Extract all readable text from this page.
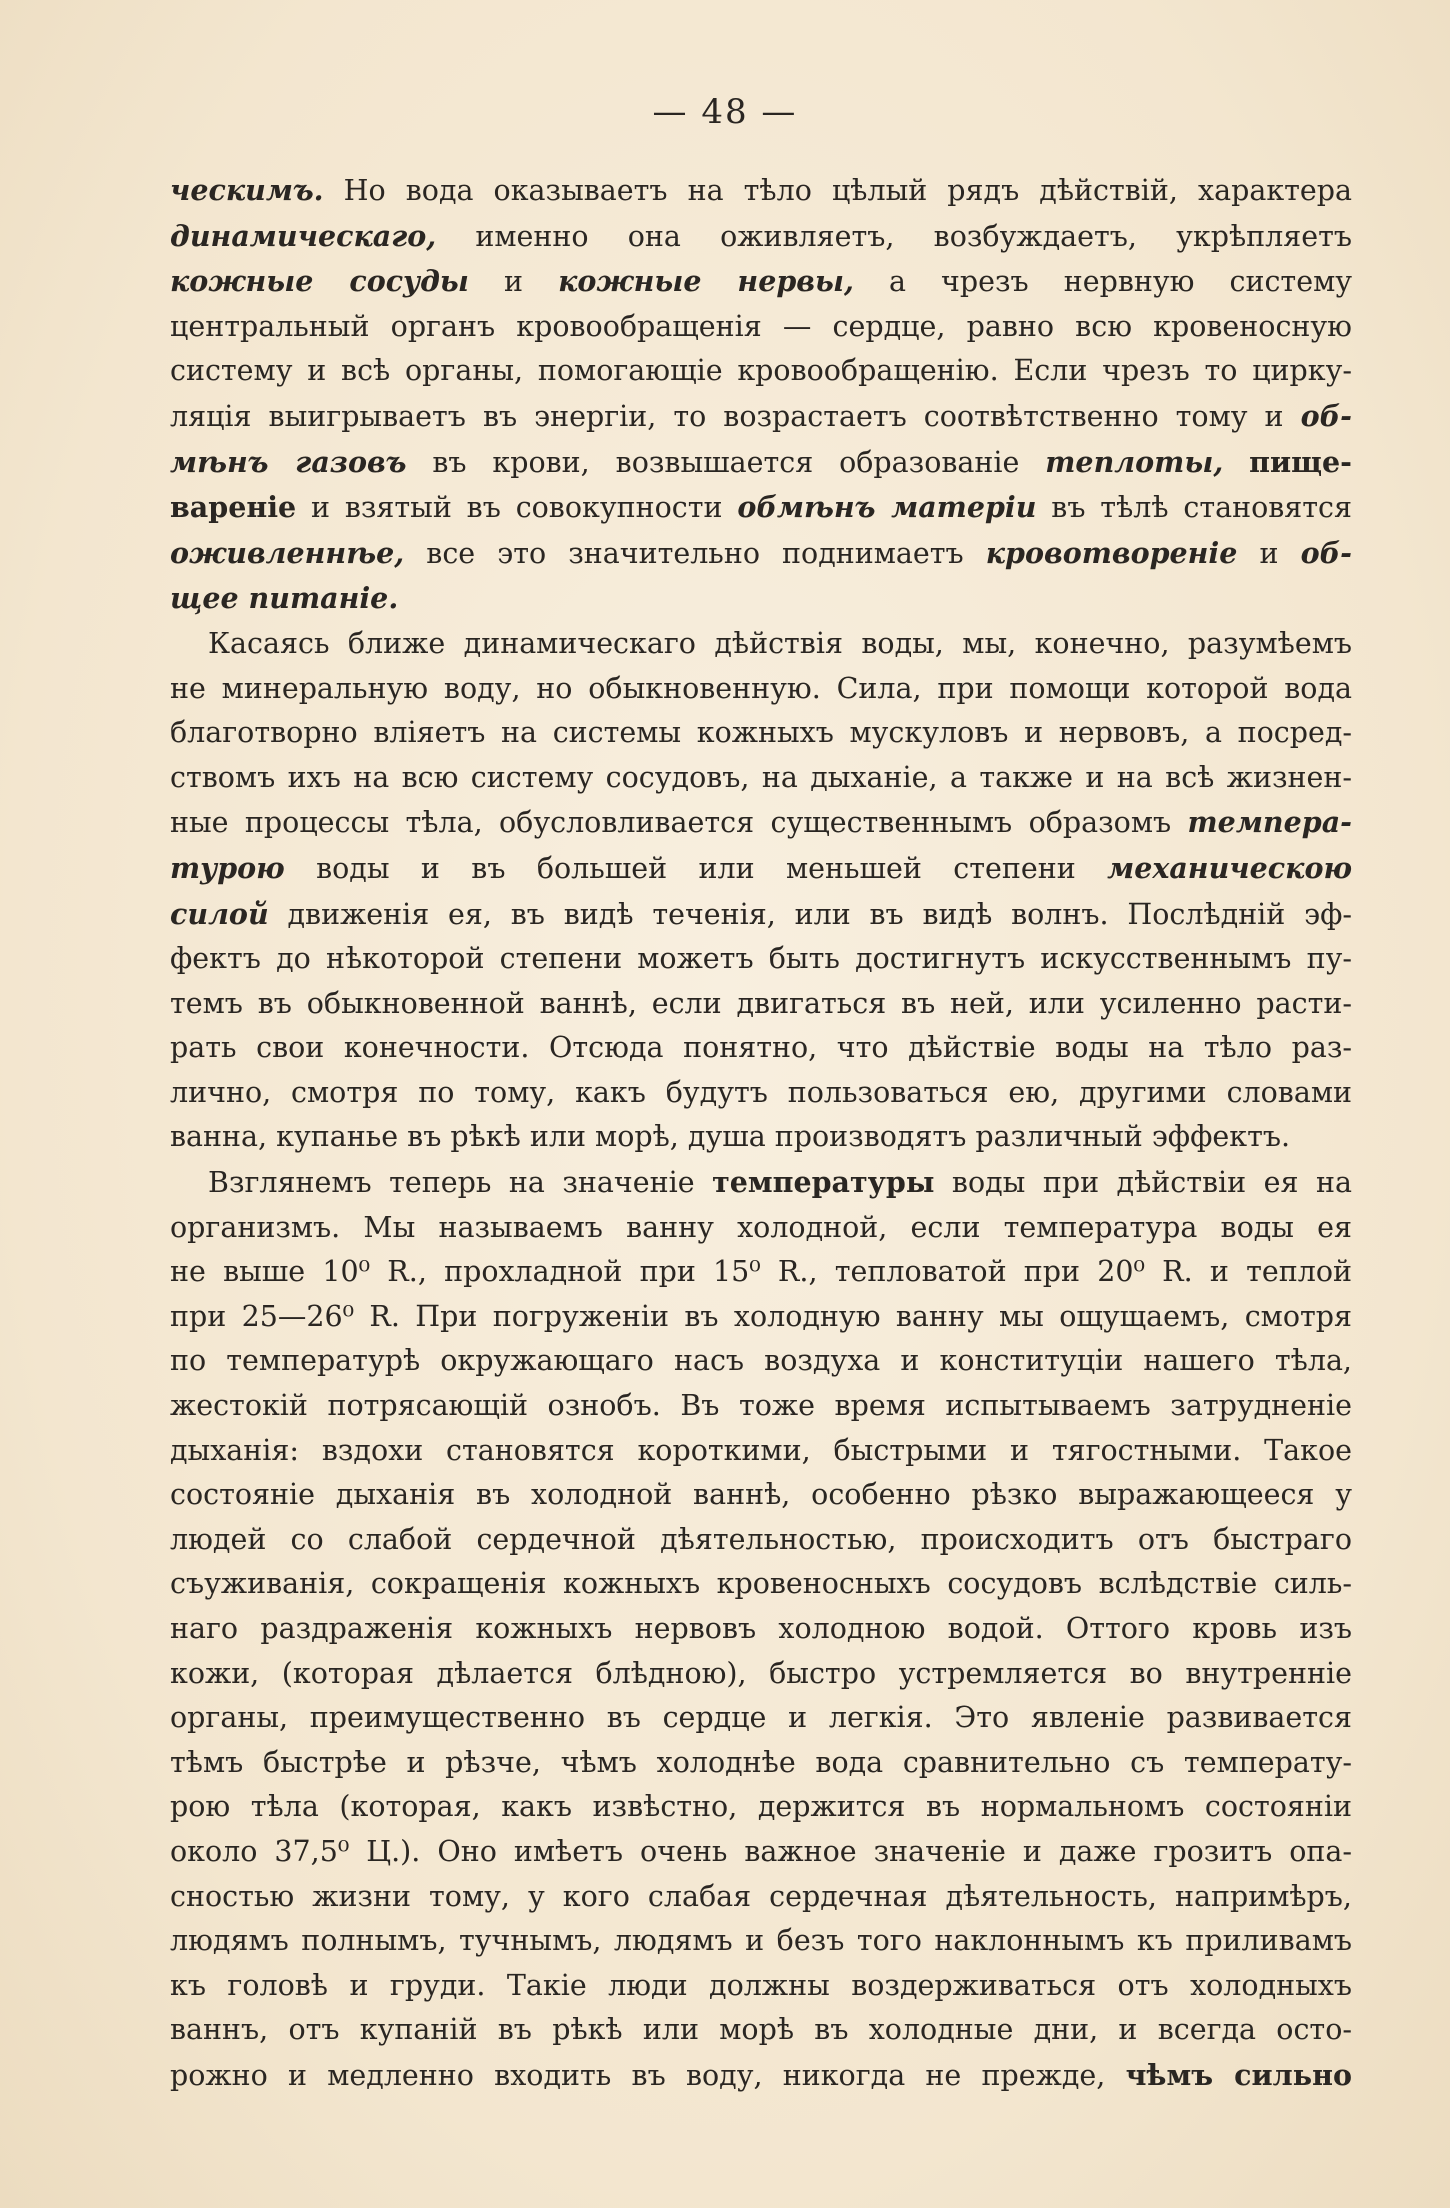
— 48 —
ческимъ. Но вода оказываетъ на тѣло цѣлый рядъ дѣйствій, характера
динамическаго, именно она оживляетъ, возбуждаетъ, укрѣпляетъ
кожные сосуды и кожные нервы, а чрезъ нервную систему
центральный органъ кровообращенія — сердце, равно всю кровеносную
систему и всѣ органы, помогающіе кровообращенію. Если чрезъ то цирку-
ляція выигрываетъ въ энергіи, то возрастаетъ соотвѣтственно тому и об-
мѣнъ газовъ въ крови, возвышается образованіе теплоты, пище-
вареніе и взятый въ совокупности обмѣнъ матеріи въ тѣлѣ становятся
оживленнѣе, все это значительно поднимаетъ кровотвореніе и об-
щее питаніе.
Касаясь ближе динамическаго дѣйствія воды, мы, конечно, разумѣемъ
не минеральную воду, но обыкновенную. Сила, при помощи которой вода
благотворно вліяетъ на системы кожныхъ мускуловъ и нервовъ, а посред-
ствомъ ихъ на всю систему сосудовъ, на дыханіе, а также и на всѣ жизнен-
ные процессы тѣла, обусловливается существеннымъ образомъ темпера-
турою воды и въ большей или меньшей степени механическою
силой движенія ея, въ видѣ теченія, или въ видѣ волнъ. Послѣдній эф-
фектъ до нѣкоторой степени можетъ быть достигнутъ искусственнымъ пу-
темъ въ обыкновенной ваннѣ, если двигаться въ ней, или усиленно расти-
рать свои конечности. Отсюда понятно, что дѣйствіе воды на тѣло раз-
лично, смотря по тому, какъ будутъ пользоваться ею, другими словами
ванна, купанье въ рѣкѣ или морѣ, душа производятъ различный эффектъ.
Взглянемъ теперь на значеніе температуры воды при дѣйствіи ея на
организмъ. Мы называемъ ванну холодной, если температура воды ея
не выше 10⁰ R., прохладной при 15⁰ R., тепловатой при 20⁰ R. и теплой
при 25—26⁰ R. При погруженіи въ холодную ванну мы ощущаемъ, смотря
по температурѣ окружающаго насъ воздуха и конституціи нашего тѣла,
жестокій потрясающій ознобъ. Въ тоже время испытываемъ затрудненіе
дыханія: вздохи становятся короткими, быстрыми и тягостными. Такое
состояніе дыханія въ холодной ваннѣ, особенно рѣзко выражающееся у
людей со слабой сердечной дѣятельностью, происходитъ отъ быстраго
съуживанія, сокращенія кожныхъ кровеносныхъ сосудовъ вслѣдствіе силь-
наго раздраженія кожныхъ нервовъ холодною водой. Оттого кровь изъ
кожи, (которая дѣлается блѣдною), быстро устремляется во внутренніе
органы, преимущественно въ сердце и легкія. Это явленіе развивается
тѣмъ быстрѣе и рѣзче, чѣмъ холоднѣе вода сравнительно съ температу-
рою тѣла (которая, какъ извѣстно, держится въ нормальномъ состояніи
около 37,5⁰ Ц.). Оно имѣетъ очень важное значеніе и даже грозитъ опа-
сностью жизни тому, у кого слабая сердечная дѣятельность, напримѣръ,
людямъ полнымъ, тучнымъ, людямъ и безъ того наклоннымъ къ приливамъ
къ головѣ и груди. Такіе люди должны воздерживаться отъ холодныхъ
ваннъ, отъ купаній въ рѣкѣ или морѣ въ холодные дни, и всегда осто-
рожно и медленно входить въ воду, никогда не прежде, чѣмъ сильно
